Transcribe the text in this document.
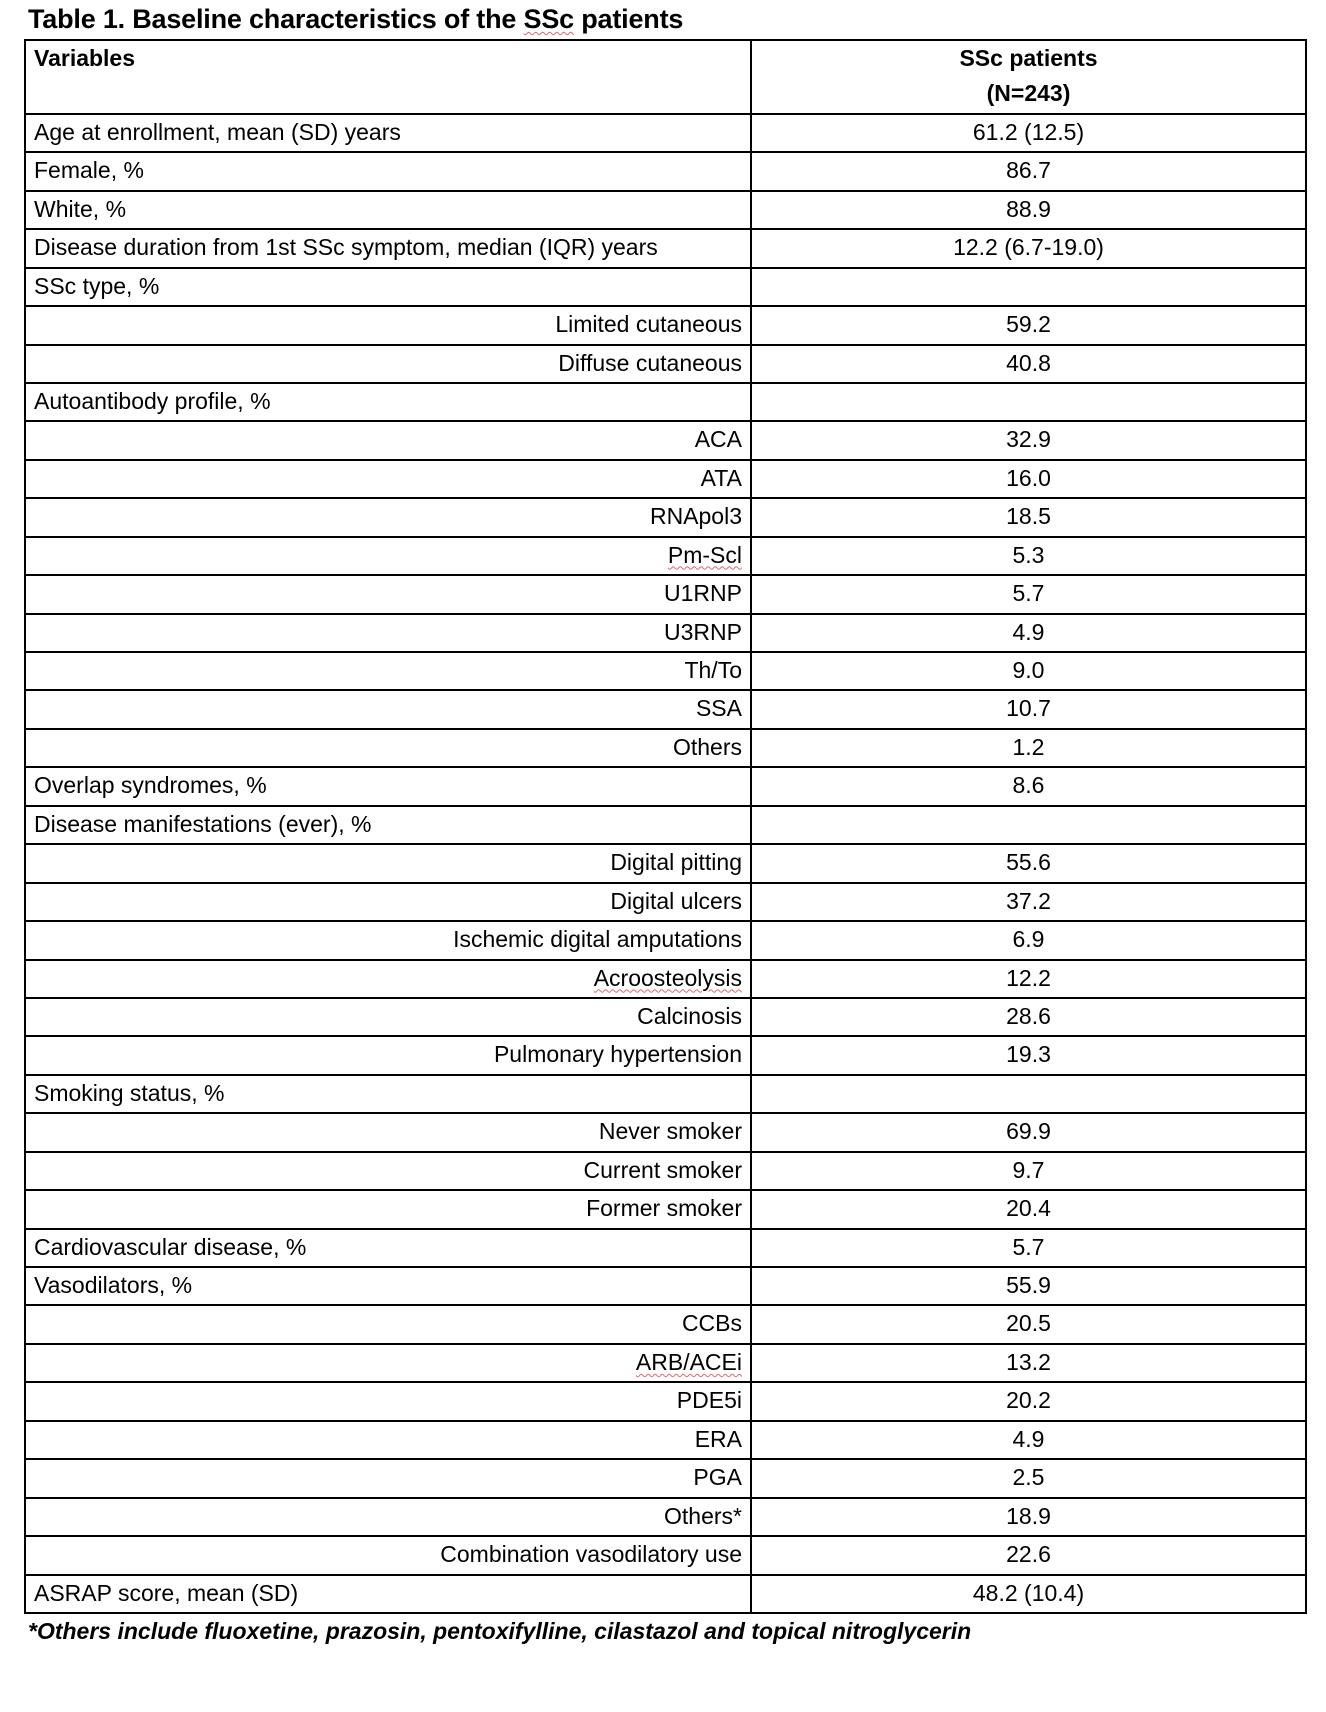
Table 1. Baseline characteristics of the SSc patients
Variables	SSc patients
(N=243)

Age at enrollment, mean (SD) years	61.2 (12.5)
Female, %	86.7
White, %	88.9
Disease duration from 1st SSc symptom, median (IQR) years	12.2 (6.7-19.0)
SSc type, %	
Limited cutaneous	59.2
Diffuse cutaneous	40.8
Autoantibody profile, %	
ACA	32.9
ATA	16.0
RNApol3	18.5
Pm-Scl	5.3
U1RNP	5.7
U3RNP	4.9
Th/To	9.0
SSA	10.7
Others	1.2
Overlap syndromes, %	8.6
Disease manifestations (ever), %	
Digital pitting	55.6
Digital ulcers	37.2
Ischemic digital amputations	6.9
Acroosteolysis	12.2
Calcinosis	28.6
Pulmonary hypertension	19.3
Smoking status, %	
Never smoker	69.9
Current smoker	9.7
Former smoker	20.4
Cardiovascular disease, %	5.7
Vasodilators, %	55.9
CCBs	20.5
ARB/ACEi	13.2
PDE5i	20.2
ERA	4.9
PGA	2.5
Others*	18.9
Combination vasodilatory use	22.6
ASRAP score, mean (SD)	48.2 (10.4)
*Others include fluoxetine, prazosin, pentoxifylline, cilastazol and topical nitroglycerin
